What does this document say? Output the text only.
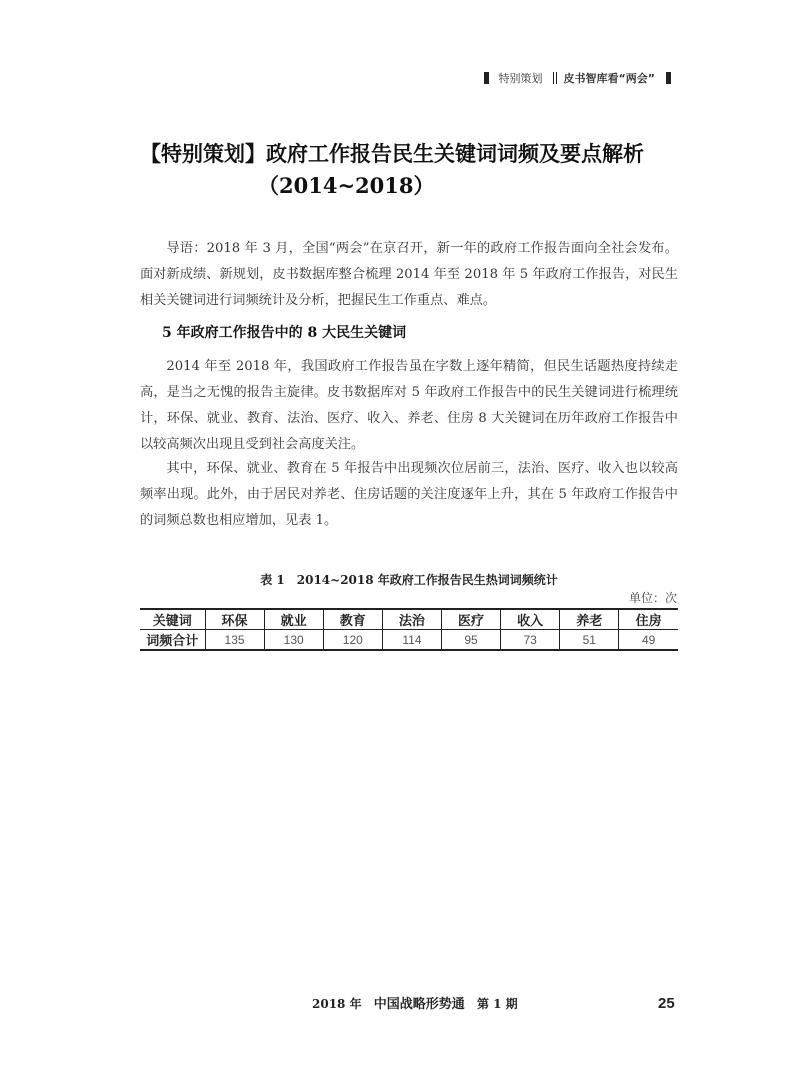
特别策划 皮书智库看“两会”
【特别策划】政府工作报告民生关键词词频及要点解析
（2014~2018）

导语：2018 年 3 月，全国“两会”在京召开，新一年的政府工作报告面向全社会发布。面对新成绩、新规划，皮书数据库整合梳理 2014 年至 2018 年 5 年政府工作报告，对民生相关关键词进行词频统计及分析，把握民生工作重点、难点。

5 年政府工作报告中的 8 大民生关键词

2014 年至 2018 年，我国政府工作报告虽在字数上逐年精简，但民生话题热度持续走高，是当之无愧的报告主旋律。皮书数据库对 5 年政府工作报告中的民生关键词进行梳理统计，环保、就业、教育、法治、医疗、收入、养老、住房 8 大关键词在历年政府工作报告中以较高频次出现且受到社会高度关注。

其中，环保、就业、教育在 5 年报告中出现频次位居前三，法治、医疗、收入也以较高频率出现。此外，由于居民对养老、住房话题的关注度逐年上升，其在 5 年政府工作报告中的词频总数也相应增加，见表 1。

表 1　2014~2018 年政府工作报告民生热词词频统计
单位：次
关键词	环保	就业	教育	法治	医疗	收入	养老	住房
词频合计	135	130	120	114	95	73	51	49
2018 年 中国战略形势通 第 1 期	25
